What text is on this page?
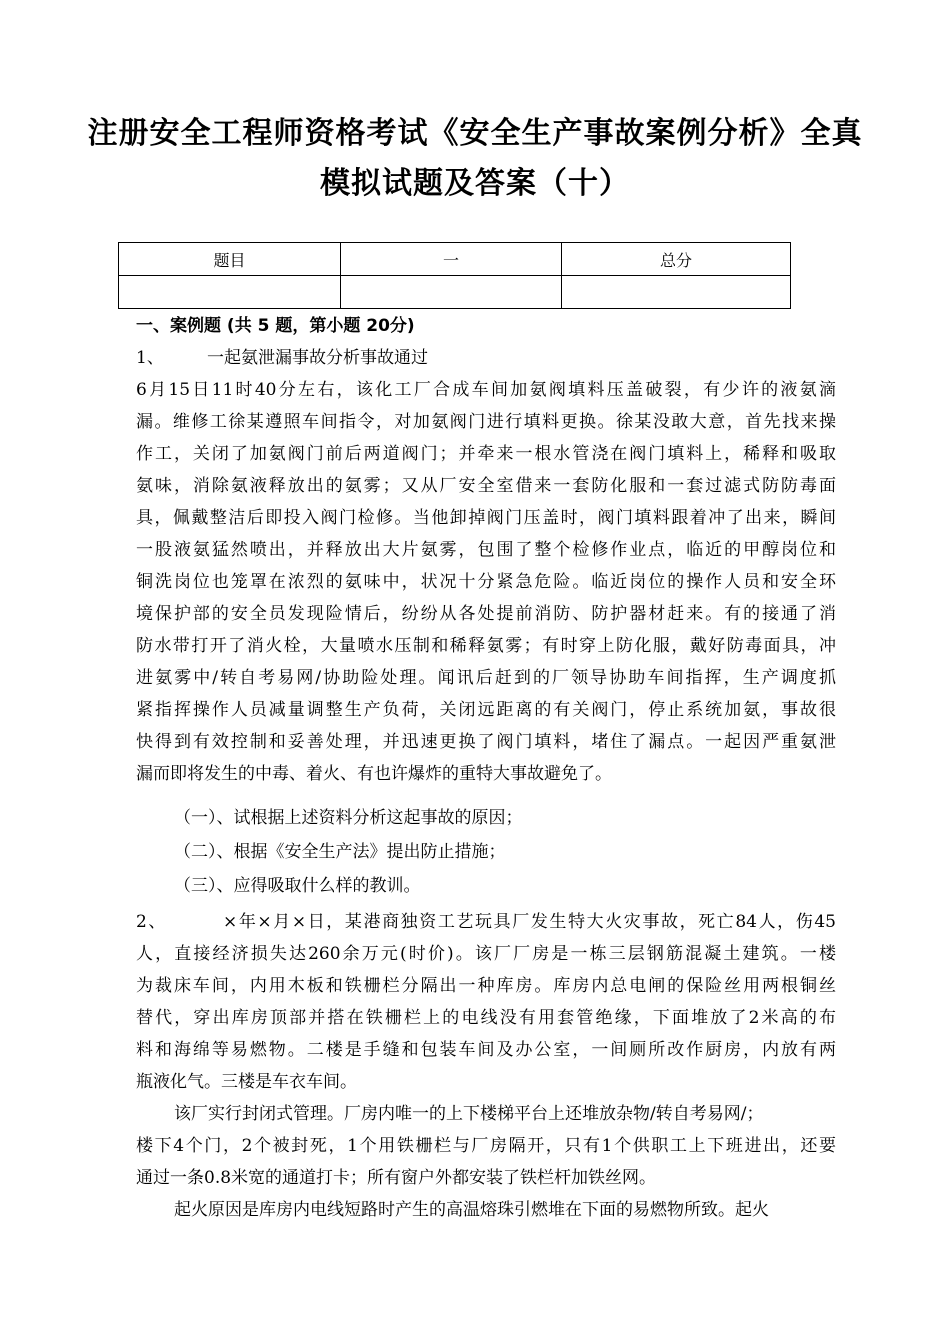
注册安全工程师资格考试《安全生产事故案例分析》全真
模拟试题及答案（十）
题目	一	总分

一、案例题 (共 5 题，第小题 20分)
1、        一起氨泄漏事故分析事故通过
6月15日11时40分左右，该化工厂合成车间加氨阀填料压盖破裂，有少许的液氨滴
漏。维修工徐某遵照车间指令，对加氨阀门进行填料更换。徐某没敢大意，首先找来操
作工，关闭了加氨阀门前后两道阀门；并牵来一根水管浇在阀门填料上，稀释和吸取
氨味，消除氨液释放出的氨雾；又从厂安全室借来一套防化服和一套过滤式防防毒面
具，佩戴整洁后即投入阀门检修。当他卸掉阀门压盖时，阀门填料跟着冲了出来，瞬间
一股液氨猛然喷出，并释放出大片氨雾，包围了整个检修作业点，临近的甲醇岗位和
铜洗岗位也笼罩在浓烈的氨味中，状况十分紧急危险。临近岗位的操作人员和安全环
境保护部的安全员发现险情后，纷纷从各处提前消防、防护器材赶来。有的接通了消
防水带打开了消火栓，大量喷水压制和稀释氨雾；有时穿上防化服，戴好防毒面具，冲
进氨雾中/转自考易网/协助险处理。闻讯后赶到的厂领导协助车间指挥，生产调度抓
紧指挥操作人员减量调整生产负荷，关闭远距离的有关阀门，停止系统加氨，事故很
快得到有效控制和妥善处理，并迅速更换了阀门填料，堵住了漏点。一起因严重氨泄
漏而即将发生的中毒、着火、有也许爆炸的重特大事故避免了。
（一）、试根据上述资料分析这起事故的原因；
（二）、根据《安全生产法》提出防止措施；
（三）、应得吸取什么样的教训。
2、        ×年×月×日，某港商独资工艺玩具厂发生特大火灾事故，死亡84人，伤45
人，直接经济损失达260余万元(时价)。该厂厂房是一栋三层钢筋混凝土建筑。一楼
为裁床车间，内用木板和铁栅栏分隔出一种库房。库房内总电闸的保险丝用两根铜丝
替代，穿出库房顶部并搭在铁栅栏上的电线没有用套管绝缘，下面堆放了2米高的布
料和海绵等易燃物。二楼是手缝和包装车间及办公室，一间厕所改作厨房，内放有两
瓶液化气。三楼是车衣车间。
该厂实行封闭式管理。厂房内唯一的上下楼梯平台上还堆放杂物/转自考易网/；
楼下4个门，2个被封死，1个用铁栅栏与厂房隔开，只有1个供职工上下班进出，还要
通过一条0.8米宽的通道打卡；所有窗户外都安装了铁栏杆加铁丝网。
起火原因是库房内电线短路时产生的高温熔珠引燃堆在下面的易燃物所致。起火
